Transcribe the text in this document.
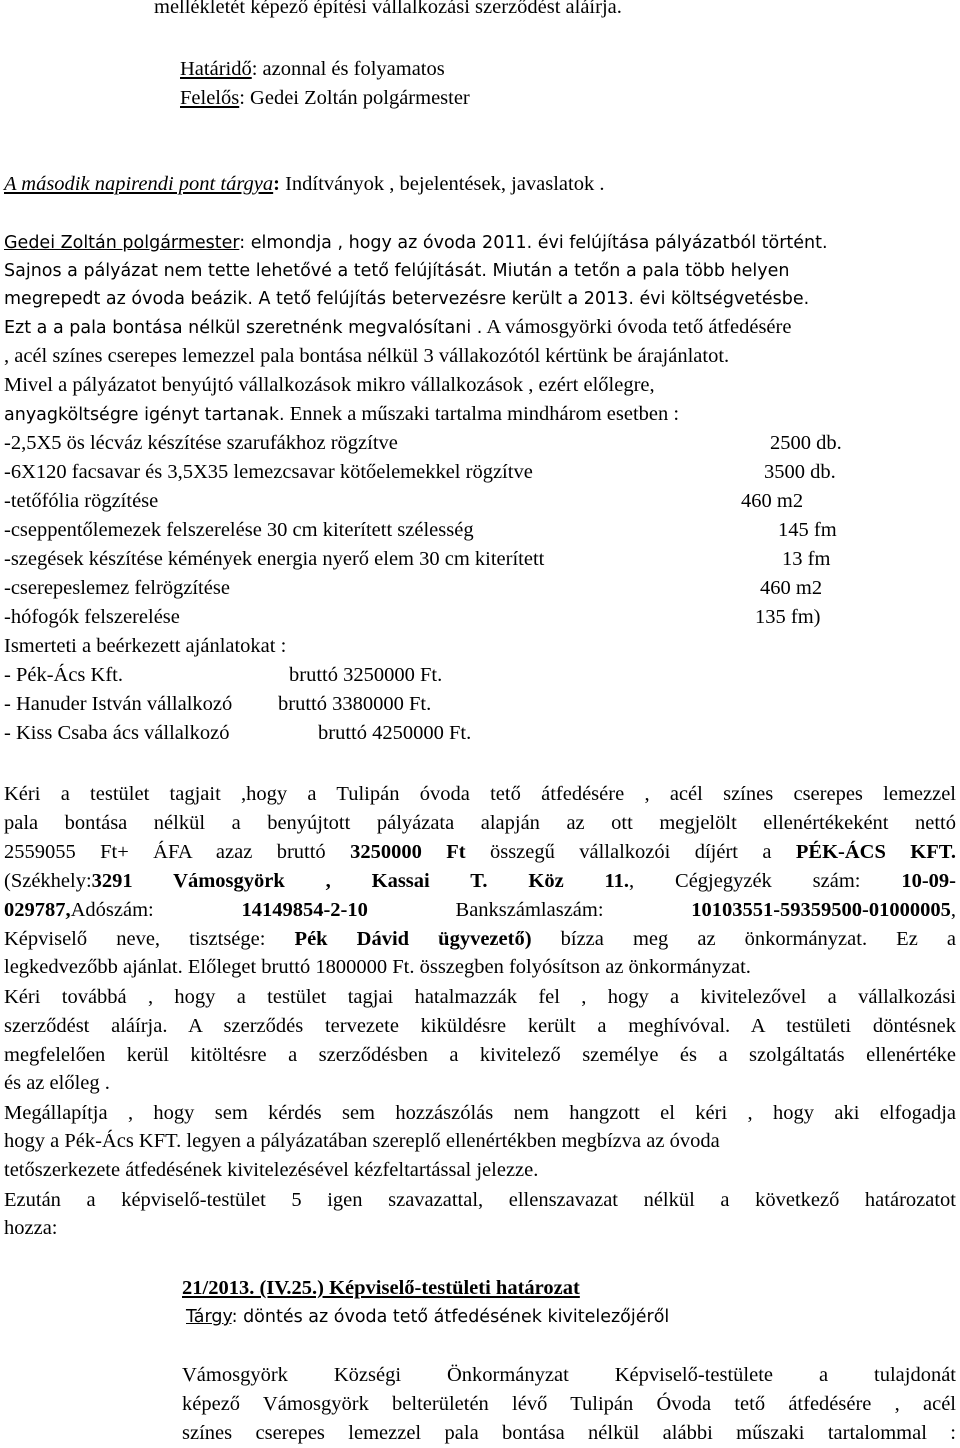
mellékletét képező építési vállalkozási szerződést aláírja.
Határidő: azonnal és folyamatos
Felelős: Gedei Zoltán polgármester
A második napirendi pont tárgya: Indítványok , bejelentések, javaslatok .
Gedei Zoltán polgármester: elmondja , hogy az óvoda 2011. évi felújítása pályázatból történt.
Sajnos a pályázat nem tette lehetővé a tető felújítását. Miután a tetőn a pala több helyen
megrepedt az óvoda beázik. A tető felújítás betervezésre került a 2013. évi költségvetésbe.
Ezt a a pala bontása nélkül szeretnénk megvalósítani . A vámosgyörki óvoda tető átfedésére
, acél színes cserepes lemezzel pala bontása nélkül 3 vállakozótól kértünk be árajánlatot.
Mivel a pályázatot benyújtó vállalkozások mikro vállalkozások , ezért előlegre,
anyagköltségre igényt tartanak. Ennek a műszaki tartalma mindhárom esetben :
-2,5X5 ös lécváz készítése szarufákhoz rögzítve	2500 db.
-6X120 facsavar és 3,5X35 lemezcsavar kötőelemekkel rögzítve	3500 db.
-tetőfólia rögzítése	460 m2
-cseppentőlemezek felszerelése 30 cm kiterített szélesség	145 fm
-szegések készítése kémények energia nyerő elem 30 cm kiterített	13 fm
-cserepeslemez felrögzítése	460 m2
-hófogók felszerelése	135 fm)
Ismerteti a beérkezett ajánlatokat :
- Pék-Ács Kft.	bruttó 3250000 Ft.
- Hanuder István vállalkozó bruttó 3380000 Ft.
- Kiss Csaba ács vállalkozó	bruttó 4250000 Ft.
Kéri a testület tagjait ,hogy a Tulipán óvoda tető átfedésére , acél színes cserepes lemezzel
pala bontása nélkül a benyújtott pályázata alapján az ott megjelölt ellenértékeként nettó
2559055 Ft+ ÁFA azaz bruttó 3250000 Ft összegű vállalkozói díjért a PÉK-ÁCS KFT.
(Székhely:3291 Vámosgyörk , Kassai T. Köz 11., Cégjegyzék szám: 10-09-
029787,Adószám: 14149854-2-10 Bankszámlaszám: 10103551-59359500-01000005,
Képviselő neve, tisztsége: Pék Dávid ügyvezető) bízza meg az önkormányzat. Ez a
legkedvezőbb ajánlat. Előleget bruttó 1800000 Ft. összegben folyósítson az önkormányzat.
Kéri továbbá , hogy a testület tagjai hatalmazzák fel , hogy a kivitelezővel a vállalkozási
szerződést aláírja. A szerződés tervezete kiküldésre került a meghívóval. A testületi döntésnek
megfelelően kerül kitöltésre a szerződésben a kivitelező személye és a szolgáltatás ellenértéke
és az előleg .
Megállapítja , hogy sem kérdés sem hozzászólás nem hangzott el kéri , hogy aki elfogadja
hogy a Pék-Ács KFT. legyen a pályázatában szereplő ellenértékben megbízva az óvoda
tetőszerkezete átfedésének kivitelezésével kézfeltartással jelezze.
Ezután a képviselő-testület 5 igen szavazattal, ellenszavazat nélkül a következő határozatot
hozza:
21/2013. (IV.25.) Képviselő-testületi határozat
Tárgy: döntés az óvoda tető átfedésének kivitelezőjéről
Vámosgyörk Községi Önkormányzat Képviselő-testülete a tulajdonát
képező Vámosgyörk belterületén lévő Tulipán Óvoda tető átfedésére , acél
színes cserepes lemezzel pala bontása nélkül alábbi műszaki tartalommal :
